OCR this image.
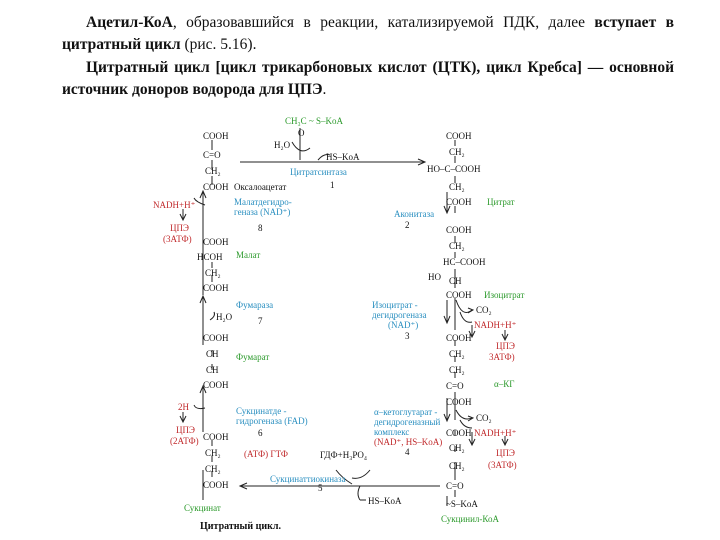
Ацетил-КоА, образовавшийся в реакции, катализируемой ПДК, далее вступает в цитратный цикл (рис. 5.16).
Цитратный цикл [цикл трикарбоновых кислот (ЦТК), цикл Кребса] — основной источник доноров водорода для ЦПЭ.
CH₃C ~ S–KoA
O
H₂O
HS–KoA
Цитратсинтаза
1
COOH
C=O
CH₂
COOH Оксалоацетат
NADH+H⁺
ЦПЭ
(3АТФ)
Малатдегидро-
геназа (NAD⁺)
8
COOH
HCOH
CH₂
COOH
Малат
Фумараза
H₂O	7
COOH
CH
CH
COOH
Фумарат
2H
ЦПЭ
(2АТФ)
Сукцинатде -
гидрогеназа (FAD)
6
COOH
CH₂
CH₂
COOH
Сукцинат
COOH
CH₂
HO–C–COOH
CH₂
COOH Цитрат
Аконитаза
2	COOH
CH₂
HC–COOH
HO CH
COOH Изоцитрат
Изоцитрат -
дегидрогеназа
(NAD⁺)
3
CO₂
NADH+H⁺
ЦПЭ
3АТФ)
COOH
CH₂
CH₂
C=O
COOH
α–КГ
α–кетоглутарат -
дегидрогеназный
комплекс
(NAD⁺, HS–KoA)
4
CO₂
NADH+H⁺
ЦПЭ
(3АТФ)
COOH
CH₂
CH₂
C=O
~S–KoA
Сукцинил-КоА
(АТФ) ГТФ	ГДФ+H₃PO₄
Сукцинаттиокиназа
5
HS–KoA
Цитратный цикл.
